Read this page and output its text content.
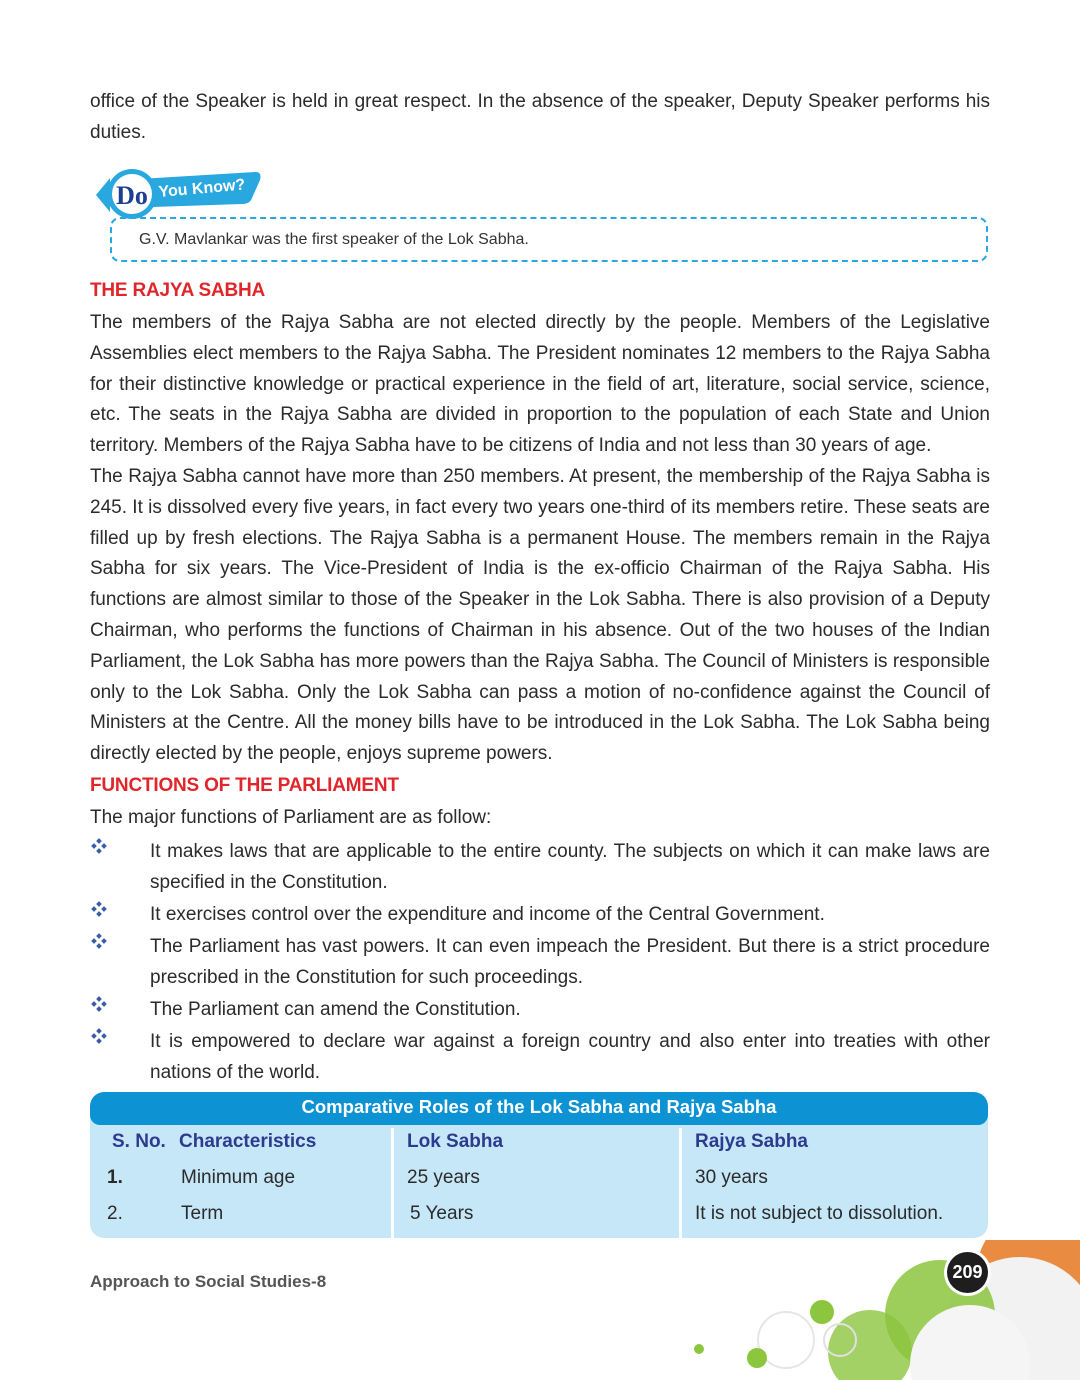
office of the Speaker is held in great respect. In the absence of the speaker, Deputy Speaker performs his duties.

Do You Know?
G.V. Mavlankar was the first speaker of the Lok Sabha.
THE RAJYA SABHA

The members of the Rajya Sabha are not elected directly by the people. Members of the Legislative Assemblies elect members to the Rajya Sabha. The President nominates 12 members to the Rajya Sabha for their distinctive knowledge or practical experience in the field of art, literature, social service, science, etc. The seats in the Rajya Sabha are divided in proportion to the population of each State and Union territory. Members of the Rajya Sabha have to be citizens of India and not less than 30 years of age.

The Rajya Sabha cannot have more than 250 members. At present, the membership of the Rajya Sabha is 245. It is dissolved every five years, in fact every two years one-third of its members retire. These seats are filled up by fresh elections. The Rajya Sabha is a permanent House. The members remain in the Rajya Sabha for six years. The Vice-President of India is the ex-officio Chairman of the Rajya Sabha. His functions are almost similar to those of the Speaker in the Lok Sabha. There is also provision of a Deputy Chairman, who performs the functions of Chairman in his absence. Out of the two houses of the Indian Parliament, the Lok Sabha has more powers than the Rajya Sabha. The Council of Ministers is responsible only to the Lok Sabha. Only the Lok Sabha can pass a motion of no-confidence against the Council of Ministers at the Centre. All the money bills have to be introduced in the Lok Sabha. The Lok Sabha being directly elected by the people, enjoys supreme powers.

FUNCTIONS OF THE PARLIAMENT

The major functions of Parliament are as follow:

It makes laws that are applicable to the entire county. The subjects on which it can make laws are specified in the Constitution.
It exercises control over the expenditure and income of the Central Government.
The Parliament has vast powers. It can even impeach the President. But there is a strict procedure prescribed in the Constitution for such proceedings.
The Parliament can amend the Constitution.
It is empowered to declare war against a foreign country and also enter into treaties with other nations of the world.
Comparative Roles of the Lok Sabha and Rajya Sabha
S. No. Characteristics	Lok Sabha	Rajya Sabha
1.	Minimum age	25 years	30 years
2.	Term	5 Years	It is not subject to dissolution.
Approach to Social Studies-8	209
